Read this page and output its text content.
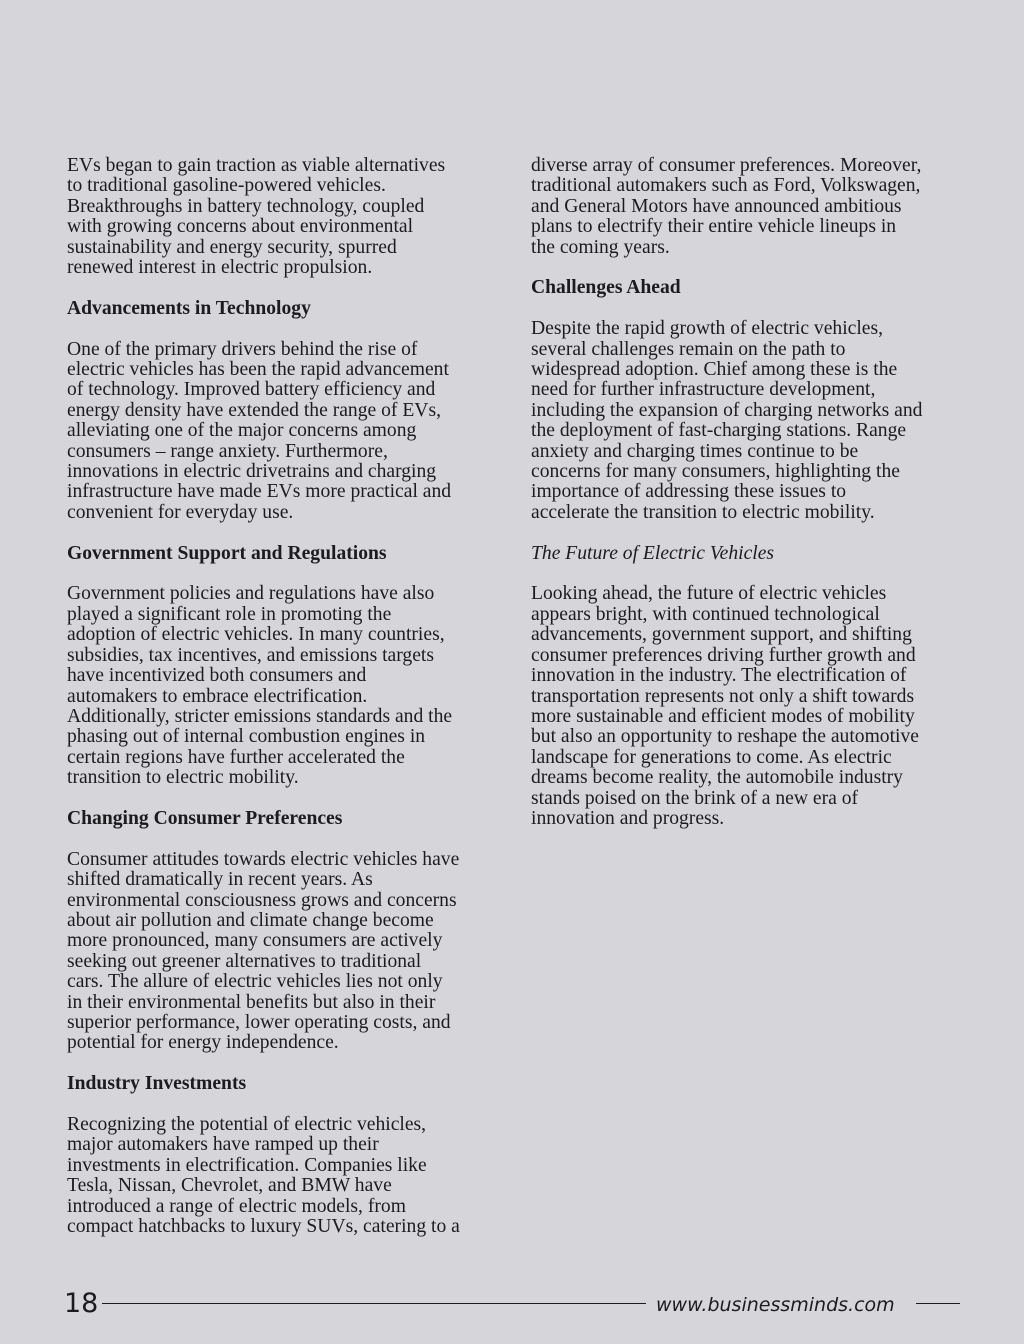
EVs began to gain traction as viable alternatives
to traditional gasoline-powered vehicles.
Breakthroughs in battery technology, coupled
with growing concerns about environmental
sustainability and energy security, spurred
renewed interest in electric propulsion.

Advancements in Technology

One of the primary drivers behind the rise of
electric vehicles has been the rapid advancement
of technology. Improved battery efficiency and
energy density have extended the range of EVs,
alleviating one of the major concerns among
consumers – range anxiety. Furthermore,
innovations in electric drivetrains and charging
infrastructure have made EVs more practical and
convenient for everyday use.

Government Support and Regulations

Government policies and regulations have also
played a significant role in promoting the
adoption of electric vehicles. In many countries,
subsidies, tax incentives, and emissions targets
have incentivized both consumers and
automakers to embrace electrification.
Additionally, stricter emissions standards and the
phasing out of internal combustion engines in
certain regions have further accelerated the
transition to electric mobility.

Changing Consumer Preferences

Consumer attitudes towards electric vehicles have
shifted dramatically in recent years. As
environmental consciousness grows and concerns
about air pollution and climate change become
more pronounced, many consumers are actively
seeking out greener alternatives to traditional
cars. The allure of electric vehicles lies not only
in their environmental benefits but also in their
superior performance, lower operating costs, and
potential for energy independence.

Industry Investments

Recognizing the potential of electric vehicles,
major automakers have ramped up their
investments in electrification. Companies like
Tesla, Nissan, Chevrolet, and BMW have
introduced a range of electric models, from
compact hatchbacks to luxury SUVs, catering to a

diverse array of consumer preferences. Moreover,
traditional automakers such as Ford, Volkswagen,
and General Motors have announced ambitious
plans to electrify their entire vehicle lineups in
the coming years.

Challenges Ahead

Despite the rapid growth of electric vehicles,
several challenges remain on the path to
widespread adoption. Chief among these is the
need for further infrastructure development,
including the expansion of charging networks and
the deployment of fast-charging stations. Range
anxiety and charging times continue to be
concerns for many consumers, highlighting the
importance of addressing these issues to
accelerate the transition to electric mobility.

The Future of Electric Vehicles

Looking ahead, the future of electric vehicles
appears bright, with continued technological
advancements, government support, and shifting
consumer preferences driving further growth and
innovation in the industry. The electrification of
transportation represents not only a shift towards
more sustainable and efficient modes of mobility
but also an opportunity to reshape the automotive
landscape for generations to come. As electric
dreams become reality, the automobile industry
stands poised on the brink of a new era of
innovation and progress.

18	www.businessminds.com
